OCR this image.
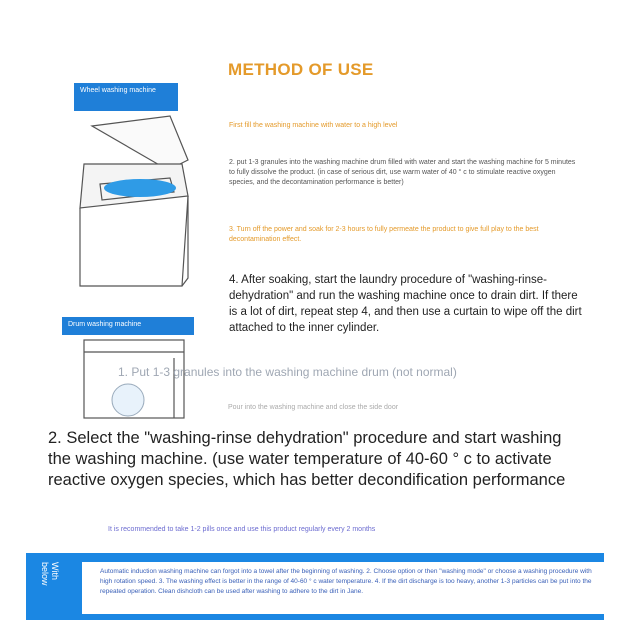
METHOD OF USE
Wheel washing machine
First fill the washing machine with water to a high level
2. put 1-3 granules into the washing machine drum filled with water and start the washing machine for 5 minutes to fully dissolve the product. (in case of serious dirt, use warm water of 40 ° c to stimulate reactive oxygen species, and the decontamination performance is better)
3. Turn off the power and soak for 2-3 hours to fully permeate the product to give full play to the best decontamination effect.
4. After soaking, start the laundry procedure of "washing-rinse-dehydration" and run the washing machine once to drain dirt. If there is a lot of dirt, repeat step 4, and then use a curtain to wipe off the dirt attached to the inner cylinder.
Drum washing machine
1. Put 1-3 granules into the washing machine drum (not normal)
Pour into the washing machine and close the side door
2. Select the "washing-rinse dehydration" procedure and start washing the washing machine. (use water temperature of 40-60 ° c to activate reactive oxygen species, which has better decondification performance
It is recommended to take 1-2 pills once and use this product regularly every 2 months
With
below	Automatic induction washing machine can forgot into a towel after the beginning of washing. 2. Choose option or then "washing mode" or choose a washing procedure with high rotation speed. 3. The washing effect is better in the range of 40-60 ° c water temperature. 4. If the dirt discharge is too heavy, another 1-3 particles can be put into the repeated operation. Clean dishcloth can be used after washing to adhere to the dirt in Jane.
